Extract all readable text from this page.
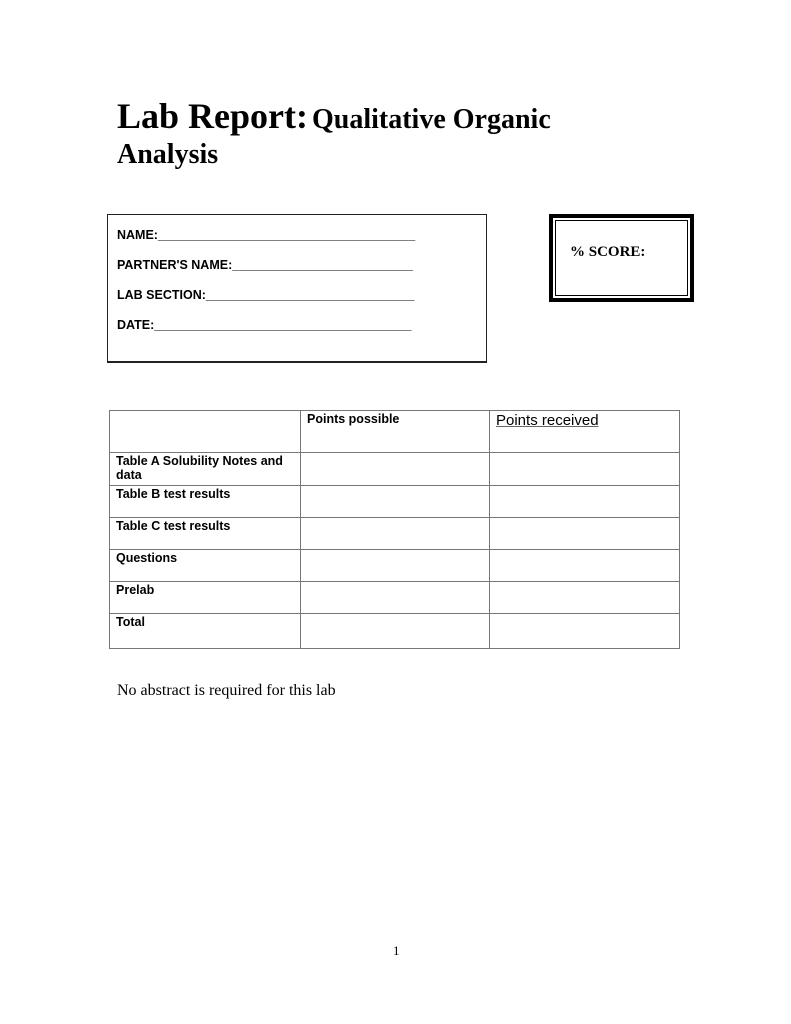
Lab Report: Qualitative Organic
Analysis
NAME:_____________________________________
PARTNER'S NAME:__________________________
LAB SECTION:______________________________
DATE:_____________________________________
% SCORE:
	Points possible	Points received
Table A Solubility Notes and data		
Table B test results		
Table C test results		
Questions		
Prelab		
Total		
No abstract is required for this lab
1
